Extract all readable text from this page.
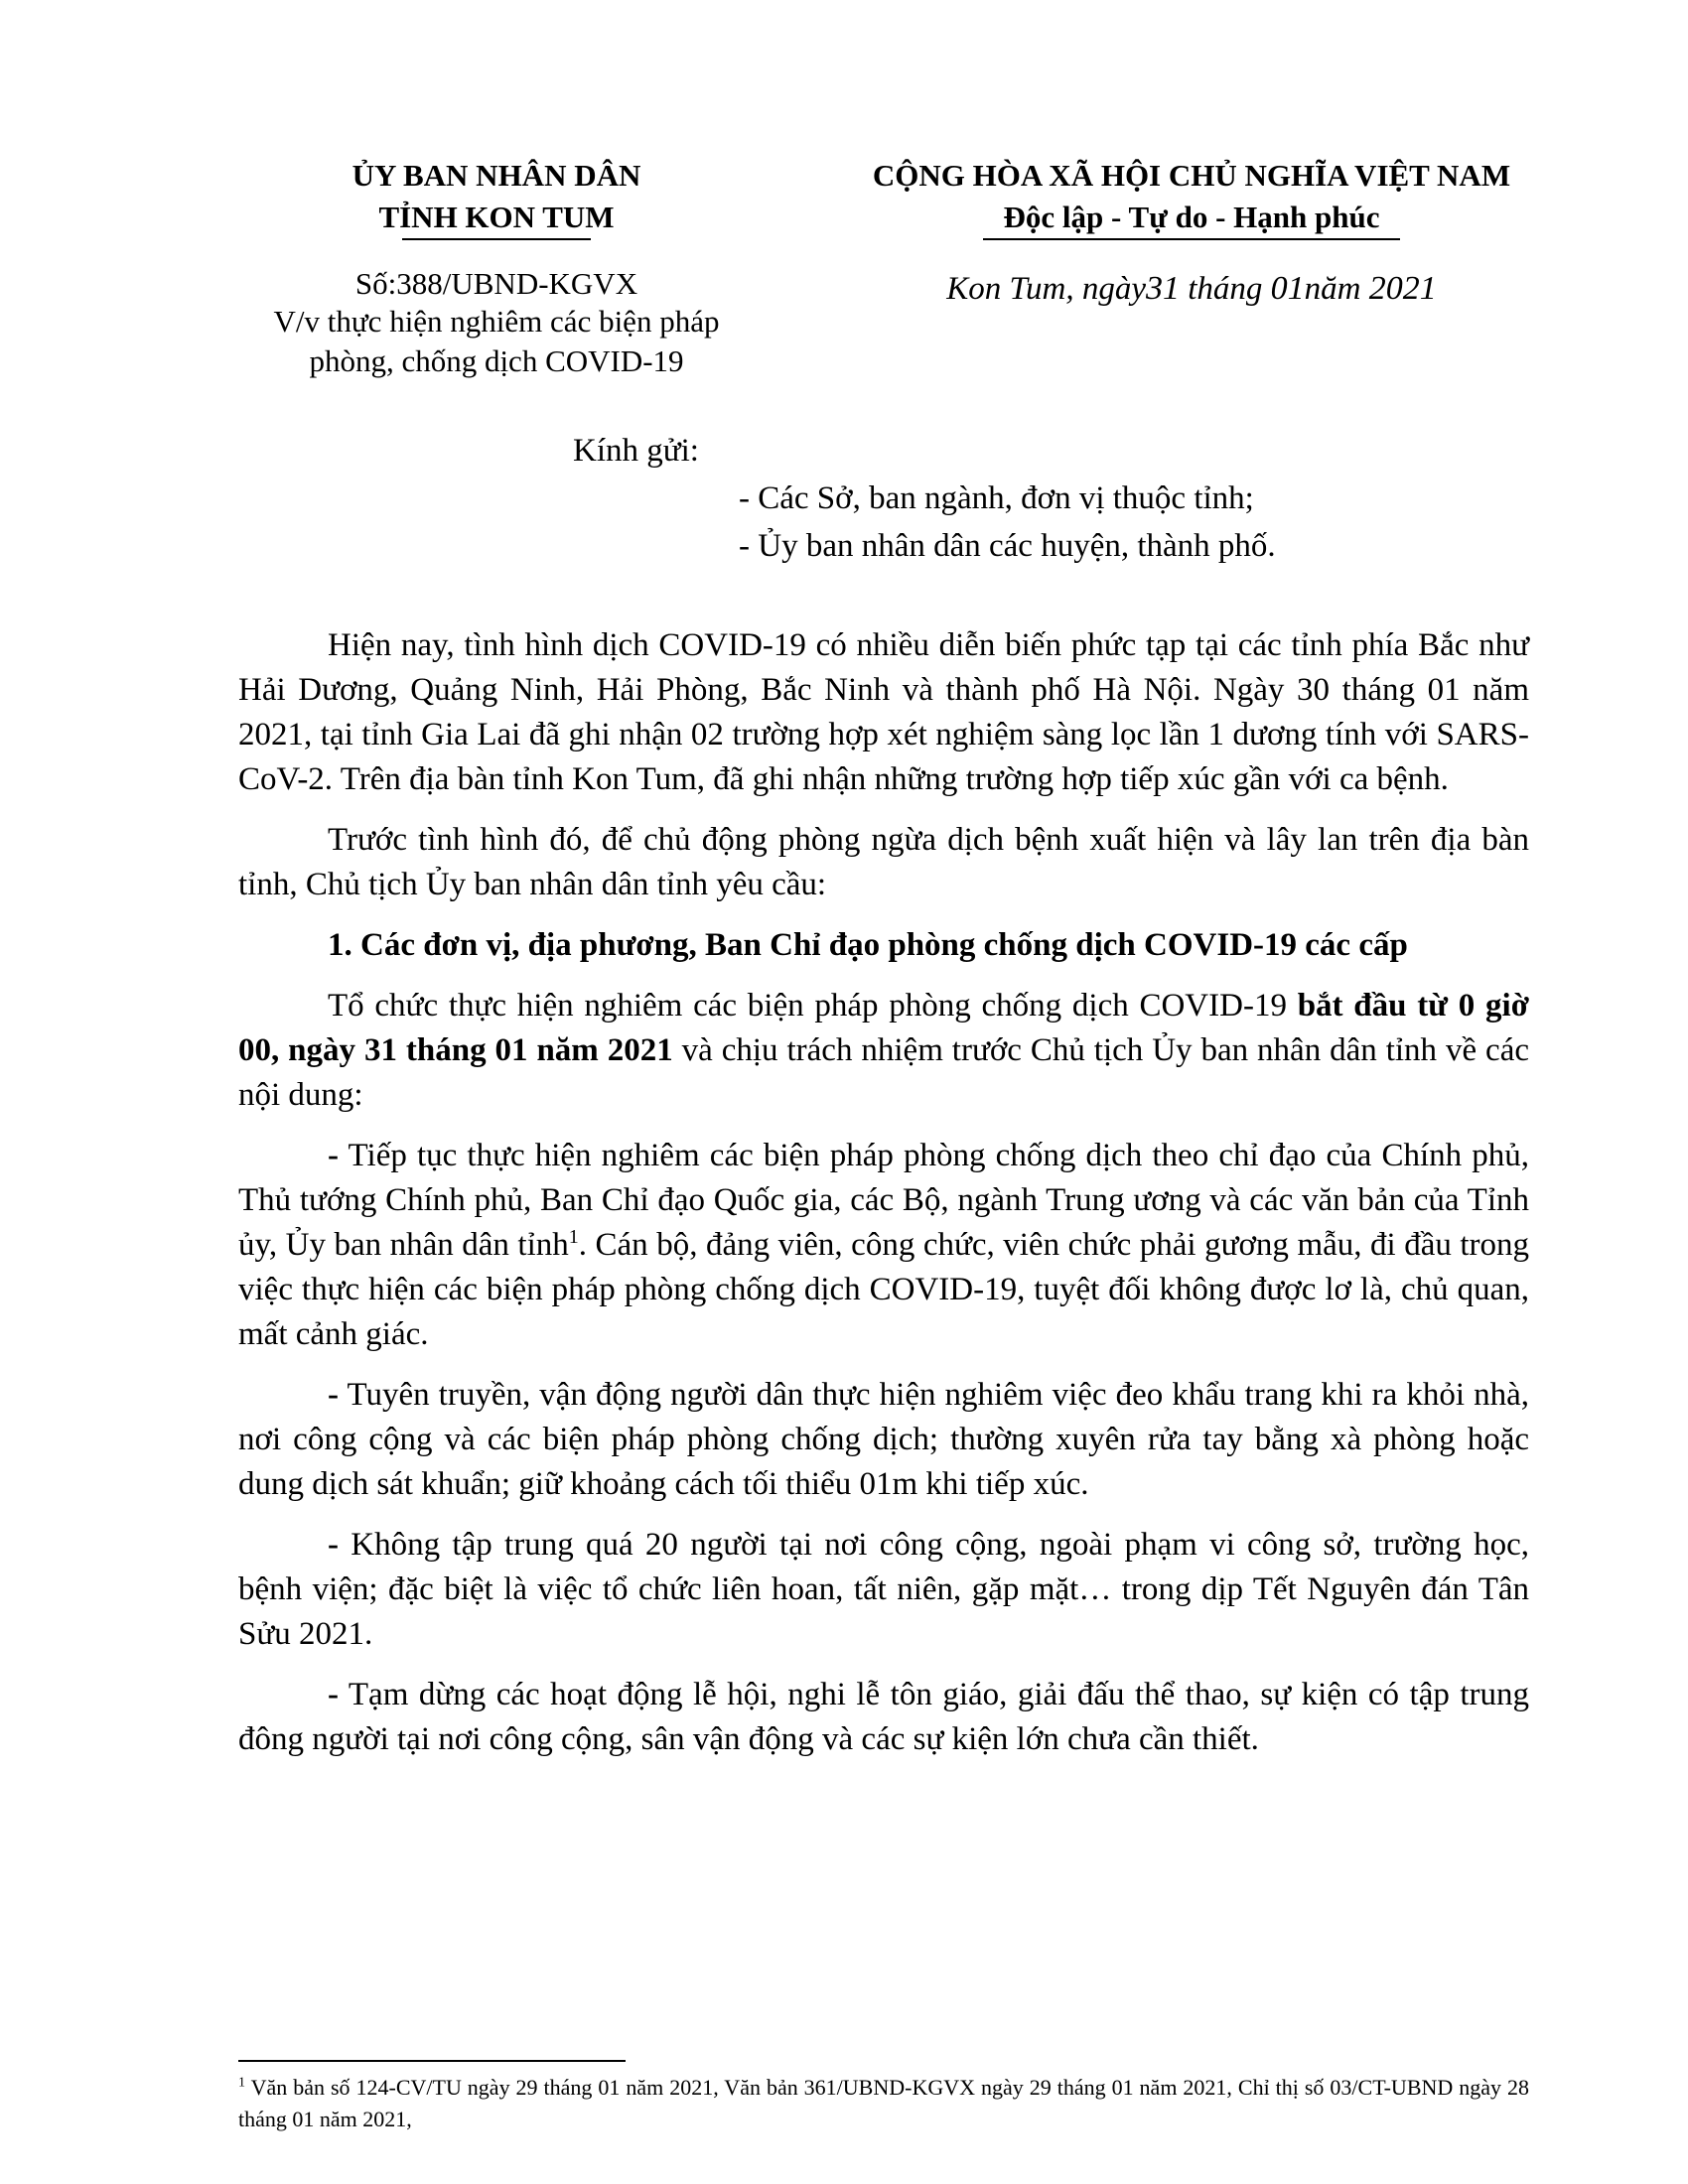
ỦY BAN NHÂN DÂN
TỈNH KON TUM
Số:388/UBND-KGVX
V/v thực hiện nghiêm các biện pháp
phòng, chống dịch COVID-19
CỘNG HÒA XÃ HỘI CHỦ NGHĨA VIỆT NAM
Độc lập - Tự do - Hạnh phúc
Kon Tum, ngày31 tháng 01năm 2021
Kính gửi:
- Các Sở, ban ngành, đơn vị thuộc tỉnh;
- Ủy ban nhân dân các huyện, thành phố.

Hiện nay, tình hình dịch COVID-19 có nhiều diễn biến phức tạp tại các tỉnh phía Bắc như Hải Dương, Quảng Ninh, Hải Phòng, Bắc Ninh và thành phố Hà Nội. Ngày 30 tháng 01 năm 2021, tại tỉnh Gia Lai đã ghi nhận 02 trường hợp xét nghiệm sàng lọc lần 1 dương tính với SARS-CoV-2. Trên địa bàn tỉnh Kon Tum, đã ghi nhận những trường hợp tiếp xúc gần với ca bệnh.

Trước tình hình đó, để chủ động phòng ngừa dịch bệnh xuất hiện và lây lan trên địa bàn tỉnh, Chủ tịch Ủy ban nhân dân tỉnh yêu cầu:

1. Các đơn vị, địa phương, Ban Chỉ đạo phòng chống dịch COVID-19 các cấp

Tổ chức thực hiện nghiêm các biện pháp phòng chống dịch COVID-19 bắt đầu từ 0 giờ 00, ngày 31 tháng 01 năm 2021 và chịu trách nhiệm trước Chủ tịch Ủy ban nhân dân tỉnh về các nội dung:

- Tiếp tục thực hiện nghiêm các biện pháp phòng chống dịch theo chỉ đạo của Chính phủ, Thủ tướng Chính phủ, Ban Chỉ đạo Quốc gia, các Bộ, ngành Trung ương và các văn bản của Tỉnh ủy, Ủy ban nhân dân tỉnh$^1$. Cán bộ, đảng viên, công chức, viên chức phải gương mẫu, đi đầu trong việc thực hiện các biện pháp phòng chống dịch COVID-19, tuyệt đối không được lơ là, chủ quan, mất cảnh giác.

- Tuyên truyền, vận động người dân thực hiện nghiêm việc đeo khẩu trang khi ra khỏi nhà, nơi công cộng và các biện pháp phòng chống dịch; thường xuyên rửa tay bằng xà phòng hoặc dung dịch sát khuẩn; giữ khoảng cách tối thiểu 01m khi tiếp xúc.

- Không tập trung quá 20 người tại nơi công cộng, ngoài phạm vi công sở, trường học, bệnh viện; đặc biệt là việc tổ chức liên hoan, tất niên, gặp mặt… trong dịp Tết Nguyên đán Tân Sửu 2021.

- Tạm dừng các hoạt động lễ hội, nghi lễ tôn giáo, giải đấu thể thao, sự kiện có tập trung đông người tại nơi công cộng, sân vận động và các sự kiện lớn chưa cần thiết.

$^1$ Văn bản số 124-CV/TU ngày 29 tháng 01 năm 2021, Văn bản 361/UBND-KGVX ngày 29 tháng 01 năm 2021, Chỉ thị số 03/CT-UBND ngày 28 tháng 01 năm 2021,
